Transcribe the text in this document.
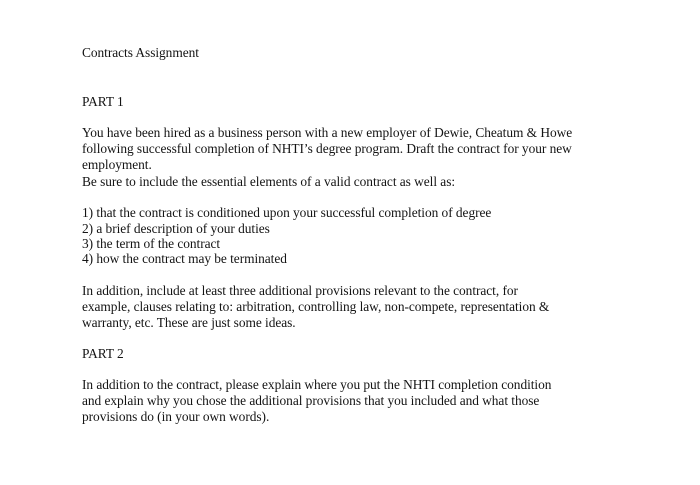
Contracts Assignment
PART 1
You have been hired as a business person with a new employer of Dewie, Cheatum & Howe
following successful completion of NHTI’s degree program. Draft the contract for your new
employment.
Be sure to include the essential elements of a valid contract as well as:
1) that the contract is conditioned upon your successful completion of degree
2) a brief description of your duties
3) the term of the contract
4) how the contract may be terminated
In addition, include at least three additional provisions relevant to the contract, for
example, clauses relating to: arbitration, controlling law, non-compete, representation &
warranty, etc. These are just some ideas.
PART 2
In addition to the contract, please explain where you put the NHTI completion condition
and explain why you chose the additional provisions that you included and what those
provisions do (in your own words).
